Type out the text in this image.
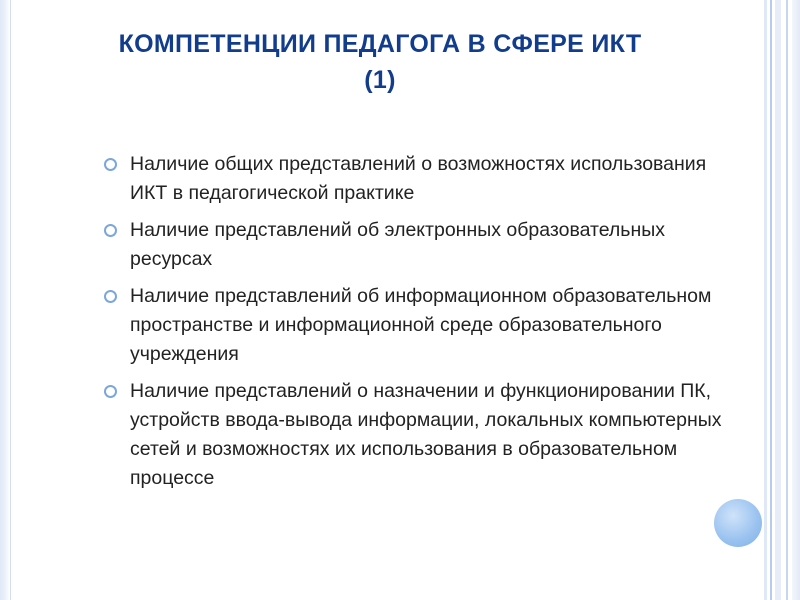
КОМПЕТЕНЦИИ ПЕДАГОГА В СФЕРЕ ИКТ (1)
Наличие общих представлений о возможностях использования ИКТ в педагогической практике
Наличие представлений об электронных образовательных ресурсах
Наличие представлений об информационном образовательном пространстве и информационной среде образовательного учреждения
Наличие представлений о назначении и функционировании ПК, устройств ввода-вывода информации, локальных компьютерных сетей и возможностях их использования в образовательном процессе
